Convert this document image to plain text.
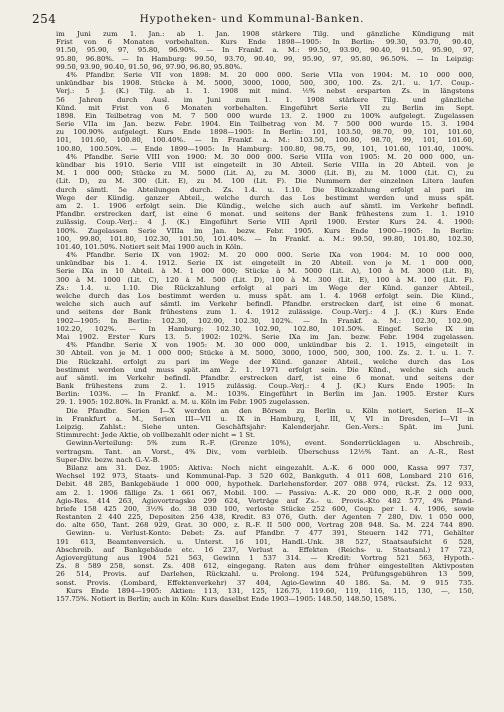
254	Hypotheken- und Kommunal-Banken.
im Juni zum 1. Jan.: ab 1. Jan. 1908 stärkere Tilg. und gänzliche Kündigung mit
Frist von 6 Monaten vorbehalten. Kurs Ende 1898—1905: In Berlin: 99.30, 93.70, 90.40,
91.50, 95.90, 97, 95.80, 96.90%. — In Frankf. a. M.: 99.50, 93.90, 90.40, 91.50, 95.90, 97,
95.80, 96.80%. — In Hamburg: 99.50, 93.70, 90.40, 99, 95.90, 97, 95.80, 96.50%. — In Leipzig:
99.50, 93.90, 90.40, 91.50, 96, 97.90, 96.80, 95.80%.
4% Pfandbr. Serie VII von 1898: M. 20 000 000. Serie VIIa von 1904: M. 10 000 000,
unkündbar bis 1908. Stücke à M. 5000, 3000, 1000, 500, 300, 100. Zs. 2/1. u. 1/7. Coup.-
Verj.: 5 J. (K.) Tilg. ab 1. 1. 1908 mit mind. ½% nebst ersparten Zs. in längstens
56 Jahren durch Ausl. im Juni zum 1. 1. 1908 stärkere Tilg. und gänzliche
Künd. mit Frist von 6 Monaten vorbehalten. Eingeführt Serie VII zu Berlin im Sept.
1898. Ein Teilbetrag von M. 7 500 000 wurde 13. 2. 1900 zu 100% aufgelegt. Zugelassen
Serie VIIa im Jan. bezw. Febr. 1904. Ein Teilbetrag von M. 7 500 000 wurde 15. 3. 1904
zu 100.90% aufgelegt. Kurs Ende 1898—1905: In Berlin: 101, 103.50, 98.70, 99, 101, 101.60,
101, 101.60, 100.80, 100.40%. — In Frankf. a. M.: 103.50, 100.80, 98.70, 99, 101, 101.60,
100.80, 100.50%. — Ende 1899—1905: In Hamburg: 100.80, 98.75, 99, 101, 101.60, 101.40, 100%.
4% Pfandbr. Serie VIII von 1900: M. 30 000 000. Serie VIIIa von 1905: M. 20 000 000, un-
kündbar bis 1910. Serie VIII ist eingeteilt in 30 Abteil. Serie VIIIa in 20 Abteil. von je
M. 1 000 000; Stücke zu M. 5000 (Lit. A), zu M. 3000 (Lit. B), zu M. 1000 (Lit. C), zu
(Lit. D), zu M. 300 (Lit. E), zu M. 100 (Lit. F). Die Nummern der einzelnen Litera laufen
durch sämtl. 5e Abteilungen durch. Zs. 1.4. u. 1.10. Die Rückzahlung erfolgt al pari im
Wege der Kündig. ganzer Abteil., welche durch das Los bestimmt werden und muss spät.
am 2. 1. 1906 erfolgt sein. Die Kündig., welche sich auch auf sämtl. im Verkehr befindl.
Pfandbr. erstrecken darf, ist eine 6 monat. und seitens der Bank frühestens zum 1. 1. 1910
zulässig. Coup.-Verj.: 4 J. (K.) Eingeführt Serie VIII April 1900. Erster Kurs 24. 4. 1900:
100%. Zugelassen Serie VIIIa im Jan. bezw. Febr. 1905. Kurs Ende 1900—1905: In Berlin:
100, 99.80, 101.80, 102.30, 101.50, 101.40%. — In Frankf. a. M.: 99.50, 99.80, 101.80, 102.30,
101.40, 101.50%. Notiert seit Mai 1900 auch in Köln.
4% Pfandbr. Serie IX von 1902: M. 20 000 000. Serie IXa von 1904: M. 10 000 000,
unkündbar bis 1. 4. 1912. Serie IX ist eingeteilt in 20 Abteil. von je M. 1 000 000,
Serie IXa in 10 Abteil. à M. 1 000 000; Stücke à M. 5000 (Lit. A), 100 à M. 3000 (Lit. B),
300 à M. 1000 (Lit. C), 120 à M. 500 (Lit. D), 100 à M. 300 (Lit. E), 100 à M. 100 (Lit. F).
Zs.: 1.4. u. 1.10. Die Rückzahlung erfolgt al pari im Wege der Künd. ganzer Abteil.,
welche durch das Los bestimmt werden u. muss spät. am 1. 4. 1968 erfolgt sein. Die Künd.,
welche sich auch auf sämtl. im Verkehr befindl. Pfandbr. erstrecken darf, ist eine 6 monat.
und seitens der Bank frühestens zum 1. 4. 1912 zulässige. Coup.-Verj.: 4 J. (K.) Kurs Ende
1902—1905: In Berlin: 102.30, 102.90, 102.30, 102%. — In Frankf. a. M.: 102.30, 102.90,
102.20, 102%. — In Hamburg: 102.30, 102.90, 102.80, 101.50%. Eingef. Serie IX im
Mai 1902. Erster Kurs 13. 5. 1902: 102%. Serie IXa im Jan. bezw. Febr. 1904 zugelassen.
4% Pfandbr. Serie X von 1905: M. 30 000 000, unkündbar bis 2. 1. 1915, eingeteilt in
30 Abteil. von je M. 1 000 000; Stücke à M. 5000, 3000, 1000, 500, 300, 100. Zs. 2. 1. u. 1. 7.
Die Rückzahl. erfolgt zu pari im Wege der Künd. ganzer Abteil., welche durch das Los
bestimmt werden und muss spät. am 2. 1. 1971 erfolgt sein. Die Künd., welche sich auch
auf sämtl. im Verkehr befindl. Pfandbr. erstrecken darf, ist eine 6 monat. und seitens der
Bank frühestens zum 2. 1. 1915 zulässig. Coup.-Verj.: 4 J. (K.) Kurs Ende 1905: In
Berlin: 103%. — In Frankf. a. M.: 103%. Eingeführt in Berlin im Jan. 1905. Erster Kurs
29. 1. 1905: 102.80%. In Frankf. a. M. u. Köln im Febr. 1905 zugelassen.
Die Pfandbr. Serien I—X werden an den Börsen zu Berlin u. Köln notiert, Serien II—X
in Frankfurt a. M., Serien III—VII u. IX in Hamburg, I, III, V, VI in Dresden, I—VI in
Leipzig. Zahlst.: Siehe unten. Geschäftsjahr: Kalenderjahr. Gen.-Vers.: Spät. im Juni.
Stimmrecht: Jede Aktie, ob vollbezahlt oder nicht = 1 St.
Gewinn-Verteilung: 5% zum R.-F. (Grenze 10%), event. Sonderrücklagen u. Abschreib.,
vertragsm. Tant. an Vorst., 4% Div., vom verbleib. Überschuss 12½% Tant. an A.-R., Rest
Super-Div. bezw. nach G.-V.-B.
Bilanz am 31. Dez. 1905: Aktiva: Noch nicht eingezahlt. A.-K. 6 000 000, Kassa 997 737,
Wechsel 192 973, Staats- und Kommunal-Pap. 3 520 602, Bankguth. 4 011 608, Lombard 210 616,
Debit. 48 285, Bankgebäude 1 000 000, hypothek. Darlehensforder. 207 088 974, rückst. Zs. 12 933,
am 2. 1. 1906 fällige Zs. 1 661 067, Mobil. 100. — Passiva: A.-K. 20 000 000, R.-F. 2 000 000,
Agio-Res. 414 263, Agiovortragsko 299 624, Vorträge auf Zs.- u. Provis.-Kto 482 577, 4% Pfand-
briefe 158 425 200, 3½% do. 38 030 100, verloste Stücke 252 600, Coup. per 1. 4. 1906, sowie
Restanten 2 440 225, Depositen 256 438, Kredit. 83 076, Guth. der Agenten 7 280, Div. 1 050 000,
do. alte 650, Tant. 268 929, Grat. 30 000, z. R.-F. II 500 000, Vortrag 208 948. Sa. M. 224 744 890.
Gewinn- u. Verlust-Konto: Debet: Zs. auf Pfandbr. 7 477 391, Steuern 142 771, Gehälter
191 613, Beamtenversich. u. Unterst. 16 101, Handl.-Unk. 38 527, Staatsaufsicht 6 528,
Abschreib. auf Bankgebäude etc. 16 237, Verlust a. Effekten (Reichs- u. Staatsanl.) 17 723,
Agiovergütung aus 1904 521 563, Gewinn 1 537 314. — Kredit: Vortrag 521 563, Hypoth.-
Zs. 8 589 258, sonst. Zs. 408 612, eingegang. Raten aus dem früher eingestellten Aktivposten
26 514, Provis. auf Darlehen, Rückzahl. u. Prolong. 194 524, Prüfungsgebühren 13 599,
sonst. Provis. (Lombard, Effektenverkehr) 37 404, Agio-Gewinn 40 186. Sa. M. 9 915 735.
Kurs Ende 1894—1905: Aktien: 113, 131, 125, 126.75, 119.60, 119, 116, 115, 130, —, 150,
157.75%. Notiert in Berlin; auch in Köln: Kurs daselbst Ende 1903—1905: 148.50, 148.50, 158%.
